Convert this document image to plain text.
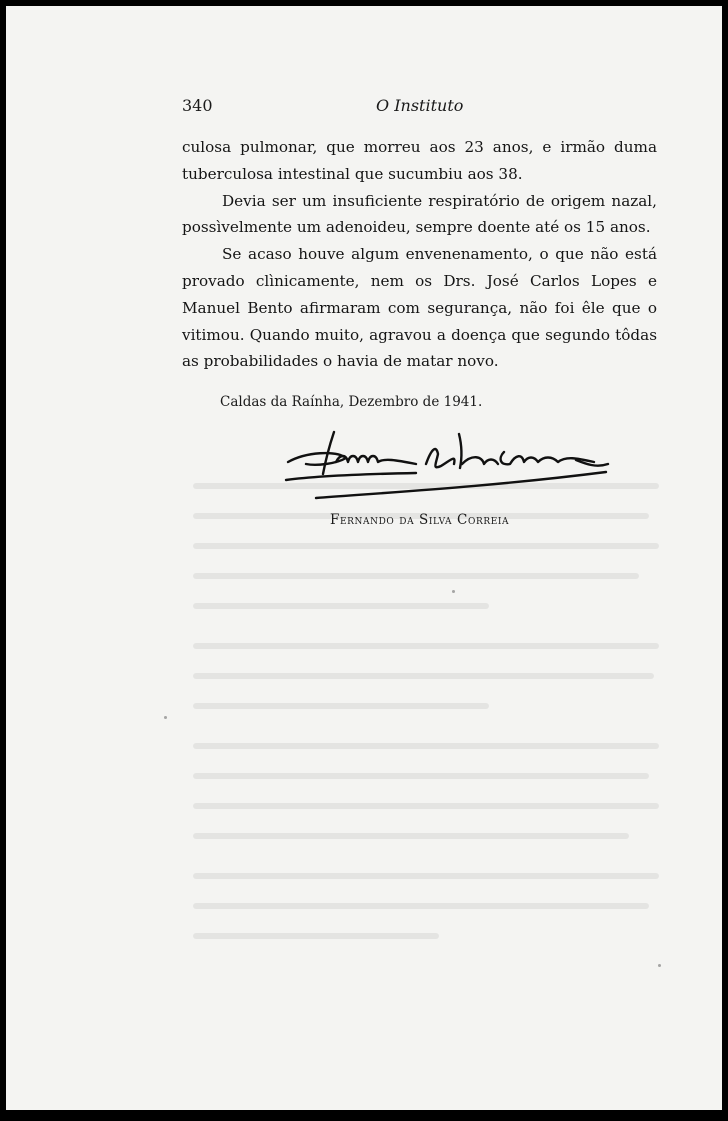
340	O Instituto

culosa pulmonar, que morreu aos 23 anos, e irmão duma tuberculosa intestinal que sucumbiu aos 38.

Devia ser um insuficiente respiratório de origem nazal, possìvelmente um adenoideu, sempre doente até os 15 anos.

Se acaso houve algum envenenamento, o que não está provado clìnicamente, nem os Drs. José Carlos Lopes e Manuel Bento afirmaram com segurança, não foi êle que o vitimou. Quando muito, agravou a doença que segundo tôdas as probabilidades o havia de matar novo.

Caldas da Raínha, Dezembro de 1941.
Fernando da Silva Correia
